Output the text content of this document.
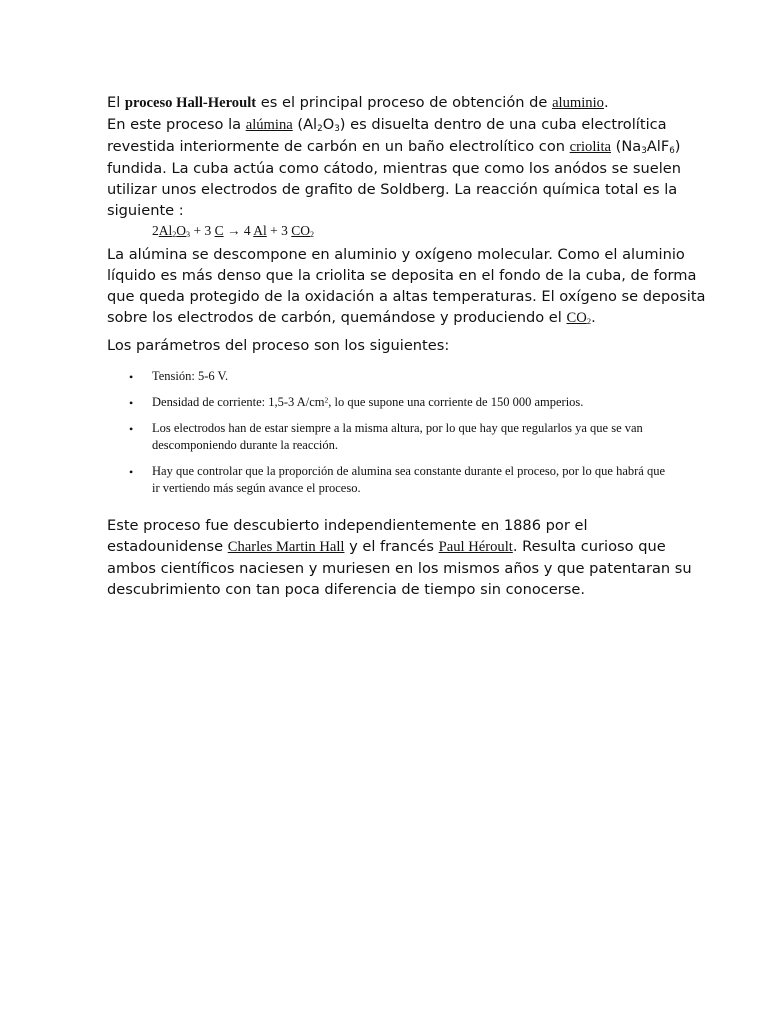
El proceso Hall-Heroult es el principal proceso de obtención de aluminio.
En este proceso la alúmina $(Al_2O_3)$ es disuelta dentro de una cuba electrolítica
revestida interiormente de carbón en un baño electrolítico con criolita $(Na_3AlF_6)$
fundida. La cuba actúa como cátodo, mientras que como los anódos se suelen
utilizar unos electrodos de grafito de Soldberg. La reacción química total es la
siguiente :
$2Al_2O_3 + 3$ C → 4 Al + 3 $CO_2$
La alúmina se descompone en aluminio y oxígeno molecular. Como el aluminio
líquido es más denso que la criolita se deposita en el fondo de la cuba, de forma
que queda protegido de la oxidación a altas temperaturas. El oxígeno se deposita
sobre los electrodos de carbón, quemándose y produciendo el $CO_2$.
Los parámetros del proceso son los siguientes:
• Tensión: 5-6 V.
• Densidad de corriente: 1,5-3 $A/cm^2$, lo que supone una corriente de 150 000 amperios.
• Los electrodos han de estar siempre a la misma altura, por lo que hay que regularlos ya que se van descomponiendo durante la reacción.
• Hay que controlar que la proporción de alumina sea constante durante el proceso, por lo que habrá que ir vertiendo más según avance el proceso.
Este proceso fue descubierto independientemente en 1886 por el
estadounidense Charles Martin Hall y el francés Paul Héroult. Resulta curioso que
ambos científicos naciesen y muriesen en los mismos años y que patentaran su
descubrimiento con tan poca diferencia de tiempo sin conocerse.
